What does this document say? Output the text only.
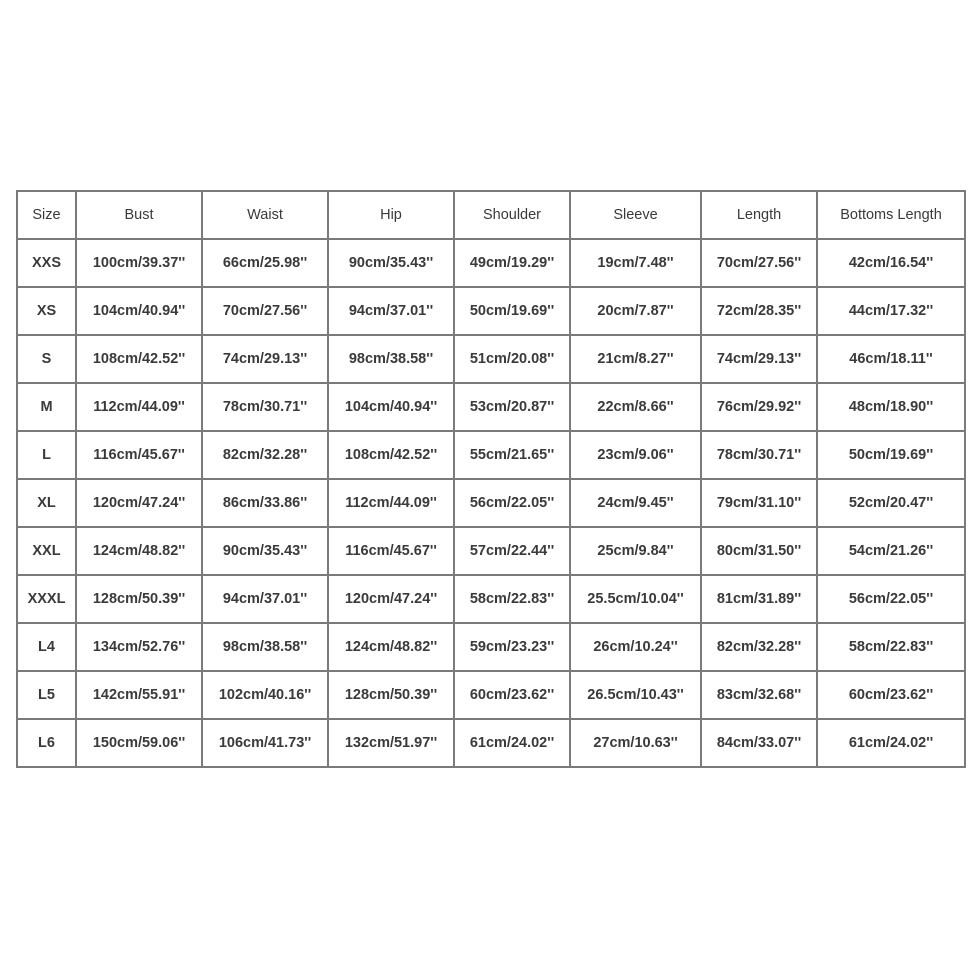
Size	Bust	Waist	Hip	Shoulder	Sleeve	Length	Bottoms Length
XXS	100cm/39.37''	66cm/25.98''	90cm/35.43''	49cm/19.29''	19cm/7.48''	70cm/27.56''	42cm/16.54''
XS	104cm/40.94''	70cm/27.56''	94cm/37.01''	50cm/19.69''	20cm/7.87''	72cm/28.35''	44cm/17.32''
S	108cm/42.52''	74cm/29.13''	98cm/38.58''	51cm/20.08''	21cm/8.27''	74cm/29.13''	46cm/18.11''
M	112cm/44.09''	78cm/30.71''	104cm/40.94''	53cm/20.87''	22cm/8.66''	76cm/29.92''	48cm/18.90''
L	116cm/45.67''	82cm/32.28''	108cm/42.52''	55cm/21.65''	23cm/9.06''	78cm/30.71''	50cm/19.69''
XL	120cm/47.24''	86cm/33.86''	112cm/44.09''	56cm/22.05''	24cm/9.45''	79cm/31.10''	52cm/20.47''
XXL	124cm/48.82''	90cm/35.43''	116cm/45.67''	57cm/22.44''	25cm/9.84''	80cm/31.50''	54cm/21.26''
XXXL	128cm/50.39''	94cm/37.01''	120cm/47.24''	58cm/22.83''	25.5cm/10.04''	81cm/31.89''	56cm/22.05''
L4	134cm/52.76''	98cm/38.58''	124cm/48.82''	59cm/23.23''	26cm/10.24''	82cm/32.28''	58cm/22.83''
L5	142cm/55.91''	102cm/40.16''	128cm/50.39''	60cm/23.62''	26.5cm/10.43''	83cm/32.68''	60cm/23.62''
L6	150cm/59.06''	106cm/41.73''	132cm/51.97''	61cm/24.02''	27cm/10.63''	84cm/33.07''	61cm/24.02''
